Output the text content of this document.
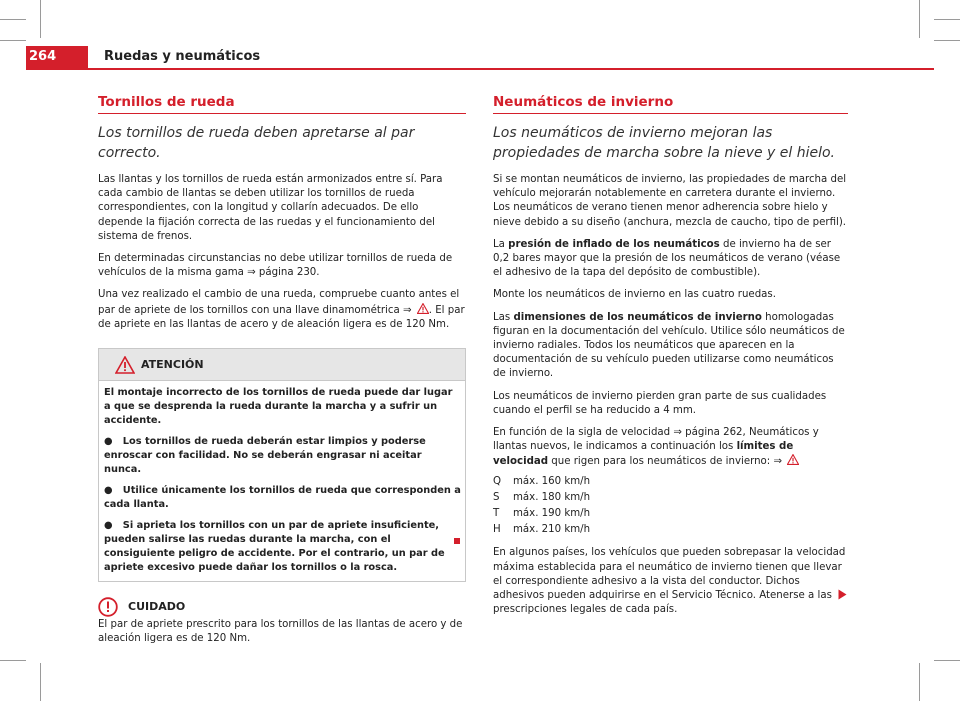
264	Ruedas y neumáticos
Tornillos de rueda
Los tornillos de rueda deben apretarse al par correcto.

Las llantas y los tornillos de rueda están armonizados entre sí. Para cada cambio de llantas se deben utilizar los tornillos de rueda correspondientes, con la longitud y collarín adecuados. De ello depende la fijación correcta de las ruedas y el funcionamiento del sistema de frenos.

En determinadas circunstancias no debe utilizar tornillos de rueda de vehículos de la misma gama ⇒ página 230.

Una vez realizado el cambio de una rueda, compruebe cuanto antes el par de apriete de los tornillos con una llave dinamométrica ⇒ . El par de apriete en las llantas de acero y de aleación ligera es de 120 Nm.

ATENCIÓN

El montaje incorrecto de los tornillos de rueda puede dar lugar a que se desprenda la rueda durante la marcha y a sufrir un accidente.

●   Los tornillos de rueda deberán estar limpios y poderse enroscar con facilidad. No se deberán engrasar ni aceitar nunca.

●   Utilice únicamente los tornillos de rueda que corresponden a cada llanta.

●   Si aprieta los tornillos con un par de apriete insuficiente, pueden salirse las ruedas durante la marcha, con el consiguiente peligro de accidente. Por el contrario, un par de apriete excesivo puede dañar los tornillos o la rosca.

CUIDADO

El par de apriete prescrito para los tornillos de las llantas de acero y de aleación ligera es de 120 Nm.

Neumáticos de invierno
Los neumáticos de invierno mejoran las propiedades de marcha sobre la nieve y el hielo.

Si se montan neumáticos de invierno, las propiedades de marcha del vehículo mejorarán notablemente en carretera durante el invierno. Los neumáticos de verano tienen menor adherencia sobre hielo y nieve debido a su diseño (anchura, mezcla de caucho, tipo de perfil).

La presión de inflado de los neumáticos de invierno ha de ser 0,2 bares mayor que la presión de los neumáticos de verano (véase el adhesivo de la tapa del depósito de combustible).

Monte los neumáticos de invierno en las cuatro ruedas.

Las dimensiones de los neumáticos de invierno homologadas figuran en la documentación del vehículo. Utilice sólo neumáticos de invierno radiales. Todos los neumáticos que aparecen en la documentación de su vehículo pueden utilizarse como neumáticos de invierno.

Los neumáticos de invierno pierden gran parte de sus cualidades cuando el perfil se ha reducido a 4 mm.

En función de la sigla de velocidad ⇒ página 262, Neumáticos y llantas nuevos, le indicamos a continuación los límites de velocidad que rigen para los neumáticos de invierno: ⇒

Q	máx. 160 km/h
S	máx. 180 km/h
T	máx. 190 km/h
H	máx. 210 km/h

En algunos países, los vehículos que pueden sobrepasar la velocidad máxima establecida para el neumático de invierno tienen que llevar el correspondiente adhesivo a la vista del conductor. Dichos adhesivos pueden adquirirse en el Servicio Técnico. Atenerse a las prescripciones legales de cada país.
